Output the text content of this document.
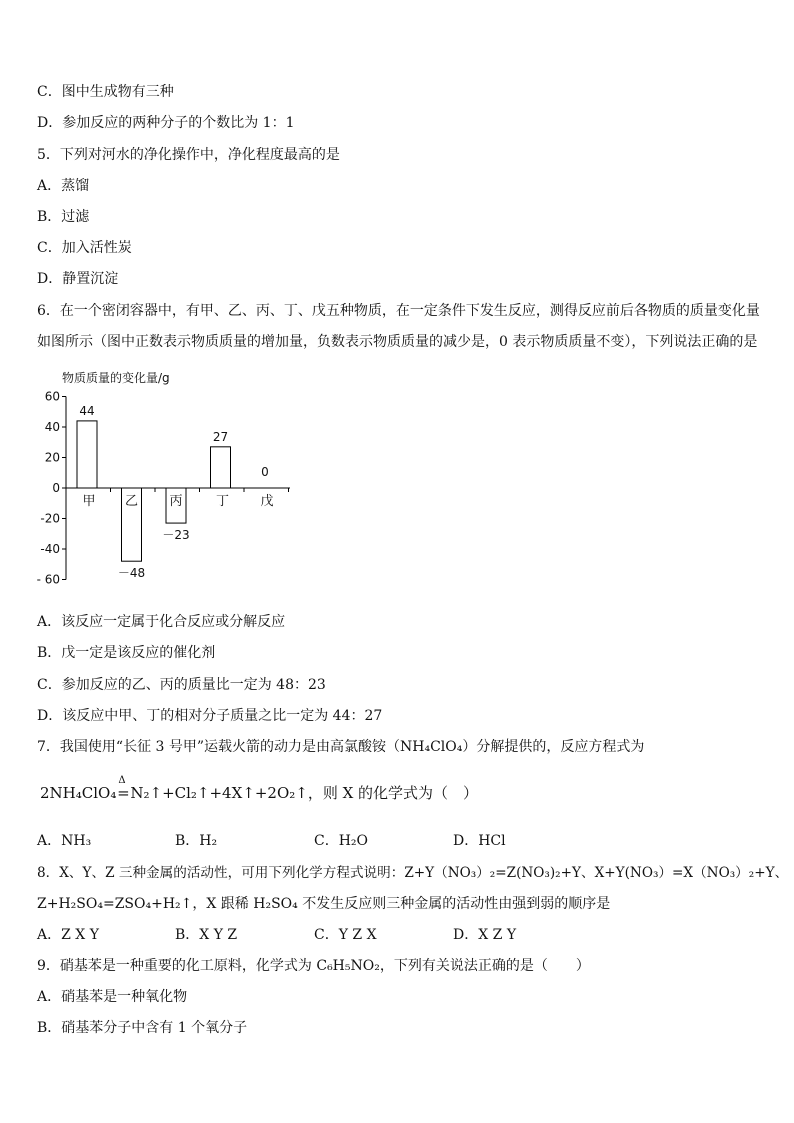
C．图中生成物有三种
D．参加反应的两种分子的个数比为 1：1
5．下列对河水的净化操作中，净化程度最高的是
A．蒸馏
B．过滤
C．加入活性炭
D．静置沉淀
6．在一个密闭容器中，有甲、乙、丙、丁、戊五种物质，在一定条件下发生反应，测得反应前后各物质的质量变化量
如图所示（图中正数表示物质质量的增加量，负数表示物质质量的减少是，0 表示物质质量不变），下列说法正确的是
物质质量的变化量/g
60
40
20
0
-20
-40
- 60
甲
44
乙
－48
丙
－23
丁
27
戊
0
A．该反应一定属于化合反应或分解反应
B．戊一定是该反应的催化剂
C．参加反应的乙、丙的质量比一定为 48：23
D．该反应中甲、丁的相对分子质量之比一定为 44：27
7．我国使用“长征 3 号甲”运载火箭的动力是由高氯酸铵（NH₄ClO₄）分解提供的，反应方程式为
2NH₄ClO₄
Δ
=N₂↑+Cl₂↑+4X↑+2O₂↑，则 X 的化学式为（　）
A．NH₃	B．H₂	C．H₂O	D．HCl
8．X、Y、Z 三种金属的活动性，可用下列化学方程式说明：Z+Y（NO₃）₂=Z(NO₃)₂+Y、X+Y(NO₃）=X（NO₃）₂+Y、
Z+H₂SO₄=ZSO₄+H₂↑，X 跟稀 H₂SO₄ 不发生反应则三种金属的活动性由强到弱的顺序是
A．Z X Y	B．X Y Z	C．Y Z X	D．X Z Y
9．硝基苯是一种重要的化工原料，化学式为 C₆H₅NO₂，下列有关说法正确的是（　　）
A．硝基苯是一种氧化物
B．硝基苯分子中含有 1 个氧分子
